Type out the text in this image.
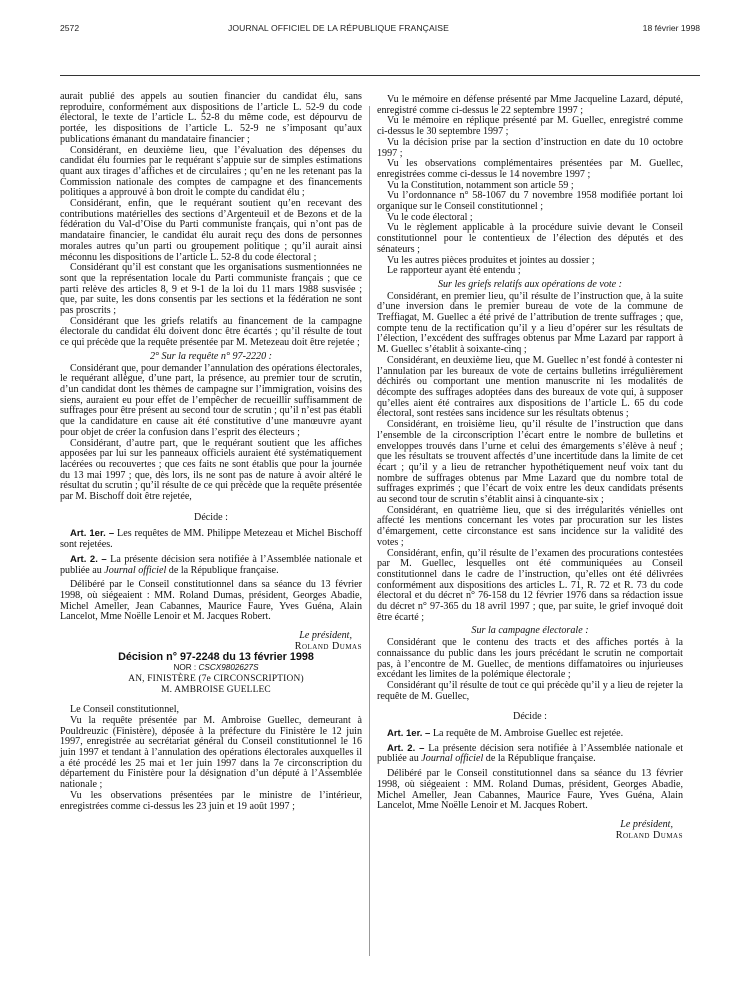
2572	JOURNAL OFFICIEL DE LA RÉPUBLIQUE FRANÇAISE	18 février 1998

aurait publié des appels au soutien financier du candidat élu, sans reproduire, conformément aux dispositions de l’article L. 52-9 du code électoral, le texte de l’article L. 52-8 du même code, est dépourvu de portée, les dispositions de l’article L. 52-9 ne s’imposant qu’aux publications émanant du mandataire financier ;

Considérant, en deuxième lieu, que l’évaluation des dépenses du candidat élu fournies par le requérant s’appuie sur de simples estimations quant aux tirages d’affiches et de circulaires ; qu’en ne les retenant pas la Commission nationale des comptes de campagne et des financements politiques a approuvé à bon droit le compte du candidat élu ;

Considérant, enfin, que le requérant soutient qu’en recevant des contributions matérielles des sections d’Argenteuil et de Bezons et de la fédération du Val-d’Oise du Parti communiste français, qui n’ont pas de mandataire financier, le candidat élu aurait reçu des dons de personnes morales autres qu’un parti ou groupement politique ; qu’il aurait ainsi méconnu les dispositions de l’article L. 52-8 du code électoral ;

Considérant qu’il est constant que les organisations susmentionnées ne sont que la représentation locale du Parti communiste français ; que ce parti relève des articles 8, 9 et 9-1 de la loi du 11 mars 1988 susvisée ; que, par suite, les dons consentis par les sections et la fédération ne sont pas proscrits ;

Considérant que les griefs relatifs au financement de la campagne électorale du candidat élu doivent donc être écartés ; qu’il résulte de tout ce qui précède que la requête présentée par M. Metezeau doit être rejetée ;

2° Sur la requête n° 97-2220 :

Considérant que, pour demander l’annulation des opérations électorales, le requérant allègue, d’une part, la présence, au premier tour de scrutin, d’un candidat dont les thèmes de campagne sur l’immigration, voisins des siens, auraient eu pour effet de l’empêcher de recueillir suffisamment de suffrages pour être présent au second tour de scrutin ; qu’il n’est pas établi que la candidature en cause ait été constitutive d’une manœuvre ayant pour objet de créer la confusion dans l’esprit des électeurs ;

Considérant, d’autre part, que le requérant soutient que les affiches apposées par lui sur les panneaux officiels auraient été systématiquement lacérées ou recouvertes ; que ces faits ne sont établis que pour la journée du 13 mai 1997 ; que, dès lors, ils ne sont pas de nature à avoir altéré le résultat du scrutin ; qu’il résulte de ce qui précède que la requête présentée par M. Bischoff doit être rejetée,

Décide :

Art. 1er. – Les requêtes de MM. Philippe Metezeau et Michel Bischoff sont rejetées.

Art. 2. – La présente décision sera notifiée à l’Assemblée nationale et publiée au Journal officiel de la République française.

Délibéré par le Conseil constitutionnel dans sa séance du 13 février 1998, où siégeaient : MM. Roland Dumas, président, Georges Abadie, Michel Ameller, Jean Cabannes, Maurice Faure, Yves Guéna, Alain Lancelot, Mme Noëlle Lenoir et M. Jacques Robert.

Le président,

Roland Dumas

Décision n° 97-2248 du 13 février 1998

NOR : CSCX9802627S

AN, FINISTÈRE (7e CIRCONSCRIPTION)

M. AMBROISE GUELLEC

Le Conseil constitutionnel,

Vu la requête présentée par M. Ambroise Guellec, demeurant à Pouldreuzic (Finistère), déposée à la préfecture du Finistère le 12 juin 1997, enregistrée au secrétariat général du Conseil constitutionnel le 16 juin 1997 et tendant à l’annulation des opérations électorales auxquelles il a été procédé les 25 mai et 1er juin 1997 dans la 7e circonscription du département du Finistère pour la désignation d’un député à l’Assemblée nationale ;

Vu les observations présentées par le ministre de l’intérieur, enregistrées comme ci-dessus les 23 juin et 19 août 1997 ;

Vu le mémoire en défense présenté par Mme Jacqueline Lazard, député, enregistré comme ci-dessus le 22 septembre 1997 ;

Vu le mémoire en réplique présenté par M. Guellec, enregistré comme ci-dessus le 30 septembre 1997 ;

Vu la décision prise par la section d’instruction en date du 10 octobre 1997 ;

Vu les observations complémentaires présentées par M. Guellec, enregistrées comme ci-dessus le 14 novembre 1997 ;

Vu la Constitution, notamment son article 59 ;

Vu l’ordonnance n° 58-1067 du 7 novembre 1958 modifiée portant loi organique sur le Conseil constitutionnel ;

Vu le code électoral ;

Vu le règlement applicable à la procédure suivie devant le Conseil constitutionnel pour le contentieux de l’élection des députés et des sénateurs ;

Vu les autres pièces produites et jointes au dossier ;

Le rapporteur ayant été entendu ;

Sur les griefs relatifs aux opérations de vote :

Considérant, en premier lieu, qu’il résulte de l’instruction que, à la suite d’une inversion dans le premier bureau de vote de la commune de Treffiagat, M. Guellec a été privé de l’attribution de trente suffrages ; que, compte tenu de la rectification qu’il y a lieu d’opérer sur les résultats de l’élection, l’excédent des suffrages obtenus par Mme Lazard par rapport à M. Guellec s’établit à soixante-cinq ;

Considérant, en deuxième lieu, que M. Guellec n’est fondé à contester ni l’annulation par les bureaux de vote de certains bulletins irrégulièrement déchirés ou comportant une mention manuscrite ni les modalités de décompte des suffrages adoptées dans des bureaux de vote qui, à supposer qu’elles aient été contraires aux dispositions de l’article L. 65 du code électoral, sont restées sans incidence sur les résultats obtenus ;

Considérant, en troisième lieu, qu’il résulte de l’instruction que dans l’ensemble de la circonscription l’écart entre le nombre de bulletins et enveloppes trouvés dans l’urne et celui des émargements s’élève à neuf ; que les résultats se trouvent affectés d’une incertitude dans la limite de cet écart ; qu’il y a lieu de retrancher hypothétiquement neuf voix tant du nombre de suffrages obtenus par Mme Lazard que du nombre total de suffrages exprimés ; que l’écart de voix entre les deux candidats présents au second tour de scrutin s’établit ainsi à cinquante-six ;

Considérant, en quatrième lieu, que si des irrégularités vénielles ont affecté les mentions concernant les votes par procuration sur les listes d’émargement, cette circonstance est sans incidence sur la validité des votes ;

Considérant, enfin, qu’il résulte de l’examen des procurations contestées par M. Guellec, lesquelles ont été communiquées au Conseil constitutionnel dans le cadre de l’instruction, qu’elles ont été délivrées conformément aux dispositions des articles L. 71, R. 72 et R. 73 du code électoral et du décret n° 76-158 du 12 février 1976 dans sa rédaction issue du décret n° 97-365 du 18 avril 1997 ; que, par suite, le grief invoqué doit être écarté ;

Sur la campagne électorale :

Considérant que le contenu des tracts et des affiches portés à la connaissance du public dans les jours précédant le scrutin ne comportait pas, à l’encontre de M. Guellec, de mentions diffamatoires ou injurieuses excédant les limites de la polémique électorale ;

Considérant qu’il résulte de tout ce qui précède qu’il y a lieu de rejeter la requête de M. Guellec,

Décide :

Art. 1er. – La requête de M. Ambroise Guellec est rejetée.

Art. 2. – La présente décision sera notifiée à l’Assemblée nationale et publiée au Journal officiel de la République française.

Délibéré par le Conseil constitutionnel dans sa séance du 13 février 1998, où siégeaient : MM. Roland Dumas, président, Georges Abadie, Michel Ameller, Jean Cabannes, Maurice Faure, Yves Guéna, Alain Lancelot, Mme Noëlle Lenoir et M. Jacques Robert.

Le président,

Roland Dumas
